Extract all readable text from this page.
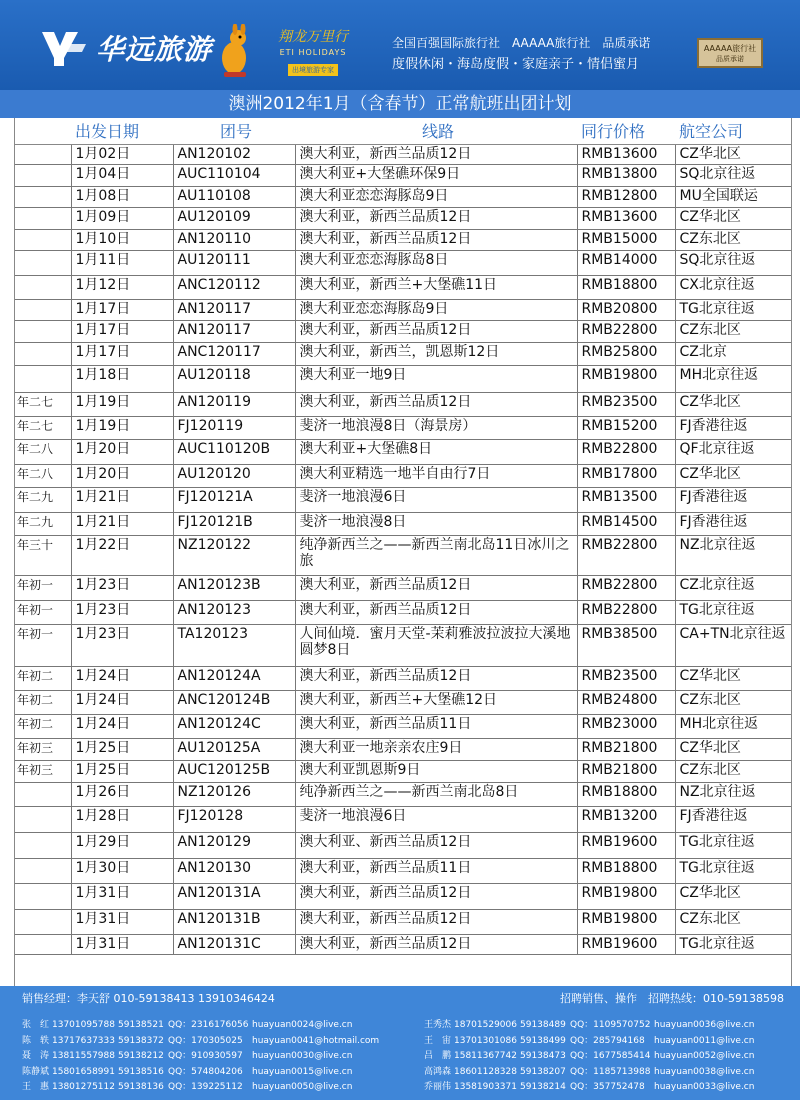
华远旅游	翔龙万里行
ETI HOLIDAYS
出境旅游专家
全国百强国际旅行社　AAAAA旅行社　品质承诺
度假休闲・海岛度假・家庭亲子・情侣蜜月
AAAAA旅行社
品质承诺
澳洲2012年1月（含春节）正常航班出团计划
	出发日期	团号	线路	同行价格	航空公司
	1月02日	AN120102	澳大利亚，新西兰品质12日	RMB13600	CZ华北区
	1月04日	AUC110104	澳大利亚+大堡礁环保9日	RMB13800	SQ北京往返
	1月08日	AU110108	澳大利亚恋恋海豚岛9日	RMB12800	MU全国联运
	1月09日	AU120109	澳大利亚，新西兰品质12日	RMB13600	CZ华北区
	1月10日	AN120110	澳大利亚，新西兰品质12日	RMB15000	CZ东北区
	1月11日	AU120111	澳大利亚恋恋海豚岛8日	RMB14000	SQ北京往返
	1月12日	ANC120112	澳大利亚，新西兰+大堡礁11日	RMB18800	CX北京往返
	1月17日	AN120117	澳大利亚恋恋海豚岛9日	RMB20800	TG北京往返
	1月17日	AN120117	澳大利亚，新西兰品质12日	RMB22800	CZ东北区
	1月17日	ANC120117	澳大利亚，新西兰，凯恩斯12日	RMB25800	CZ北京
	1月18日	AU120118	澳大利亚一地9日	RMB19800	MH北京往返
年二七	1月19日	AN120119	澳大利亚，新西兰品质12日	RMB23500	CZ华北区
年二七	1月19日	FJ120119	斐济一地浪漫8日（海景房）	RMB15200	FJ香港往返
年二八	1月20日	AUC110120B	澳大利亚+大堡礁8日	RMB22800	QF北京往返
年二八	1月20日	AU120120	澳大利亚精选一地半自由行7日	RMB17800	CZ华北区
年二九	1月21日	FJ120121A	斐济一地浪漫6日	RMB13500	FJ香港往返
年二九	1月21日	FJ120121B	斐济一地浪漫8日	RMB14500	FJ香港往返
年三十	1月22日	NZ120122	纯净新西兰之——新西兰南北岛11日冰川之旅	RMB22800	NZ北京往返
年初一	1月23日	AN120123B	澳大利亚，新西兰品质12日	RMB22800	CZ北京往返
年初一	1月23日	AN120123	澳大利亚，新西兰品质12日	RMB22800	TG北京往返
年初一	1月23日	TA120123	人间仙境．蜜月天堂-茉莉雅波拉波拉大溪地圆梦8日	RMB38500	CA+TN北京往返
年初二	1月24日	AN120124A	澳大利亚，新西兰品质12日	RMB23500	CZ华北区
年初二	1月24日	ANC120124B	澳大利亚，新西兰+大堡礁12日	RMB24800	CZ东北区
年初二	1月24日	AN120124C	澳大利亚，新西兰品质11日	RMB23000	MH北京往返
年初三	1月25日	AU120125A	澳大利亚一地亲亲农庄9日	RMB21800	CZ华北区
年初三	1月25日	AUC120125B	澳大利亚凯恩斯9日	RMB21800	CZ东北区
	1月26日	NZ120126	纯净新西兰之——新西兰南北岛8日	RMB18800	NZ北京往返
	1月28日	FJ120128	斐济一地浪漫6日	RMB13200	FJ香港往返
	1月29日	AN120129	澳大利亚、新西兰品质12日	RMB19600	TG北京往返
	1月30日	AN120130	澳大利亚，新西兰品质11日	RMB18800	TG北京往返
	1月31日	AN120131A	澳大利亚，新西兰品质12日	RMB19800	CZ华北区
	1月31日	AN120131B	澳大利亚，新西兰品质12日	RMB19800	CZ东北区
	1月31日	AN120131C	澳大利亚，新西兰品质12日	RMB19600	TG北京往返
销售经理：李天舒 010-59138413 13910346424	招聘销售、操作　招聘热线：010-59138598
张　红 13701095788 59138521 QQ：2316176056 huayuan0024@live.cn
陈　轶 13717637333 59138372 QQ：170305025 huayuan0041@hotmail.com
聂　涛 13811557988 59138212 QQ：910930597 huayuan0030@live.cn
陈静斌 15801658991 59138516 QQ：574804206 huayuan0015@live.cn
王　惠 13801275112 59138136 QQ：139225112 huayuan0050@live.cn
王秀杰 18701529006 59138489 QQ：1109570752 huayuan0036@live.cn
王　宙 13701301086 59138499 QQ：285794168 huayuan0011@live.cn
吕　鹏 15811367742 59138473 QQ：1677585414 huayuan0052@live.cn
高鸿森 18601128328 59138207 QQ：1185713988 huayuan0038@live.cn
乔丽伟 13581903371 59138214 QQ：357752478 huayuan0033@live.cn
